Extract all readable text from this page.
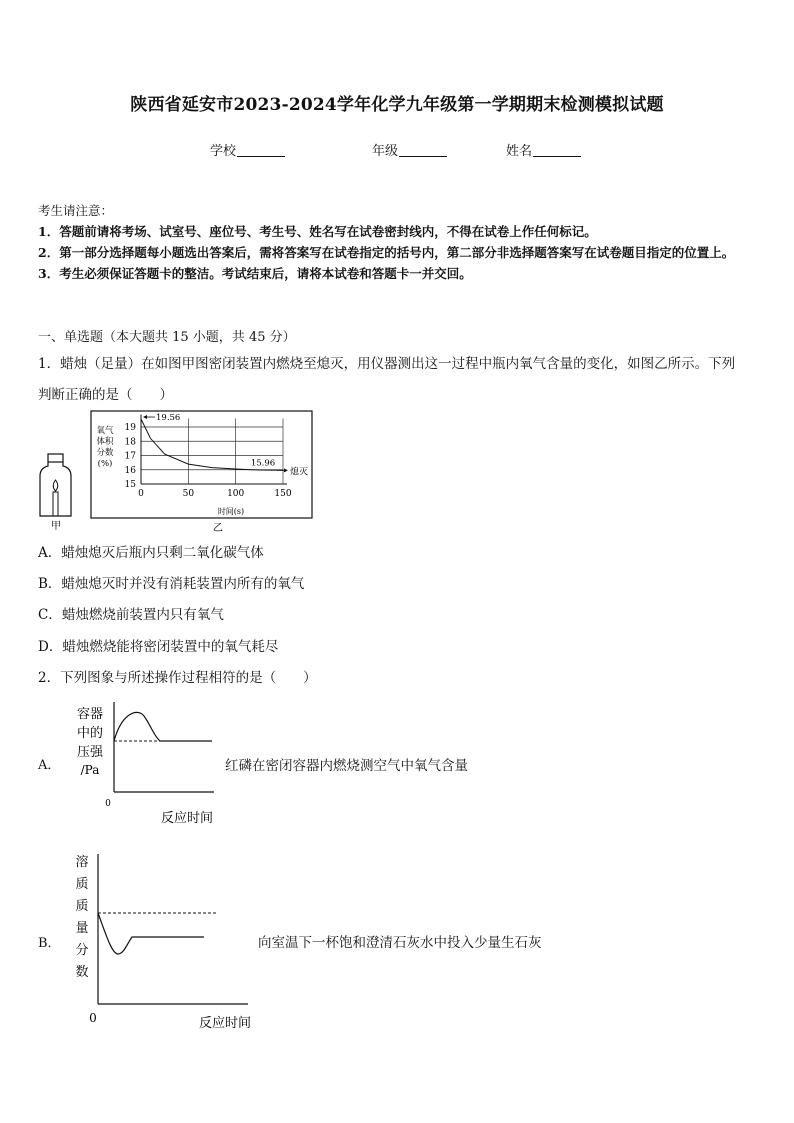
陕西省延安市2023-2024学年化学九年级第一学期期末检测模拟试题
学校	年级	姓名
考生请注意：
1．答题前请将考场、试室号、座位号、考生号、姓名写在试卷密封线内，不得在试卷上作任何标记。
2．第一部分选择题每小题选出答案后，需将答案写在试卷指定的括号内，第二部分非选择题答案写在试卷题目指定的位置上。
3．考生必须保证答题卡的整洁。考试结束后，请将本试卷和答题卡一并交回。
一、单选题（本大题共 15 小题，共 45 分）
1．蜡烛（足量）在如图甲图密闭装置内燃烧至熄灭，用仪器测出这一过程中瓶内氧气含量的变化，如图乙所示。下列
判断正确的是（　　）
甲
15
16
17
18
19
0	50	100	150
氧气
体积
分数
(%)
时间(s)
19.56
15.96
熄灭
乙
A．蜡烛熄灭后瓶内只剩二氧化碳气体
B．蜡烛熄灭时并没有消耗装置内所有的氧气
C．蜡烛燃烧前装置内只有氧气
D．蜡烛燃烧能将密闭装置中的氧气耗尽
2．下列图象与所述操作过程相符的是（　　）
A．
容器
中的
压强
/Pa
0
反应时间
红磷在密闭容器内燃烧测空气中氧气含量
B．
溶
质
质
量
分
数
0	反应时间
向室温下一杯饱和澄清石灰水中投入少量生石灰
